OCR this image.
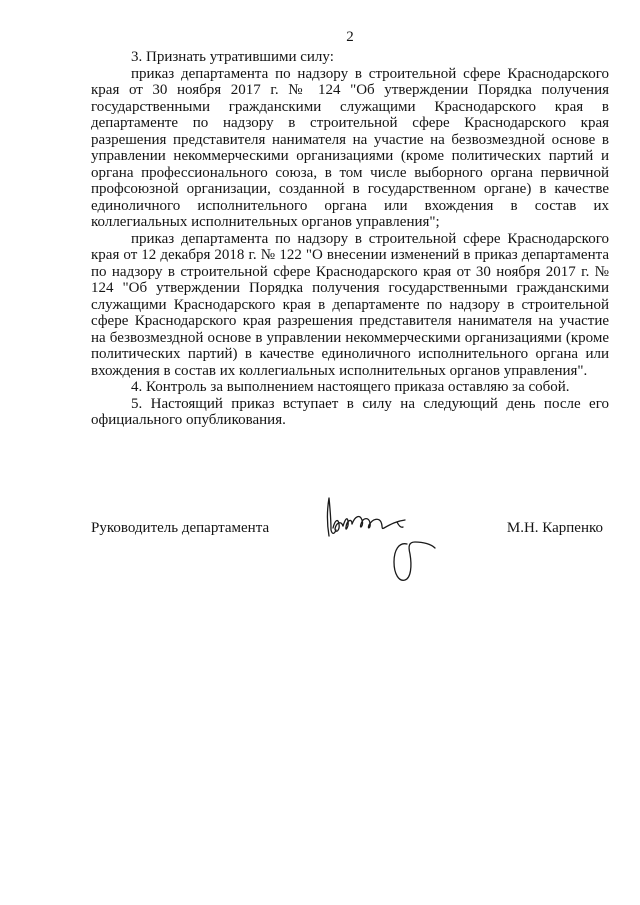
2

3. Признать утратившими силу:

приказ департамента по надзору в строительной сфере Краснодарского края от 30 ноября 2017 г. № 124 "Об утверждении Порядка получения государственными гражданскими служащими Краснодарского края в департаменте по надзору в строительной сфере Краснодарского края разрешения представителя нанимателя на участие на безвозмездной основе в управлении некоммерческими организациями (кроме политических партий и органа профессионального союза, в том числе выборного органа первичной профсоюзной организации, созданной в государственном органе) в качестве единоличного исполнительного органа или вхождения в состав их коллегиальных исполнительных органов управления";

приказ департамента по надзору в строительной сфере Краснодарского края от 12 декабря 2018 г. № 122 "О внесении изменений в приказ департамента по надзору в строительной сфере Краснодарского края от 30 ноября 2017 г. № 124 "Об утверждении Порядка получения государственными гражданскими служащими Краснодарского края в департаменте по надзору в строительной сфере Краснодарского края разрешения представителя нанимателя на участие на безвозмездной основе в управлении некоммерческими организациями (кроме политических партий) в качестве единоличного исполнительного органа или вхождения в состав их коллегиальных исполнительных органов управления".

4. Контроль за выполнением настоящего приказа оставляю за собой.

5. Настоящий приказ вступает в силу на следующий день после его официального опубликования.

Руководитель департамента	М.Н. Карпенко
